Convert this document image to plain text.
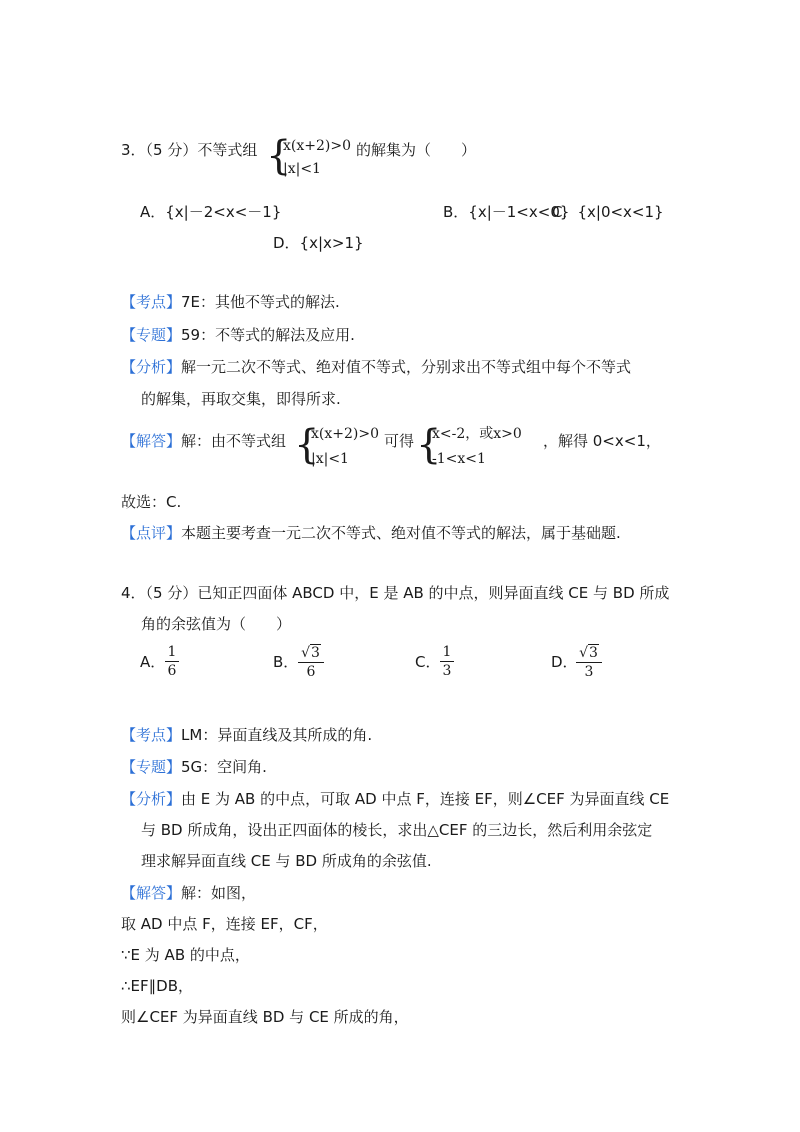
3．（5 分）不等式组 {
x(x+2)>0
|x|<1
的解集为（　　）
A．{x|－2<x<－1}	B．{x|－1<x<0}
C．{x|0<x<1}
D．{x|x>1}
【考点】7E：其他不等式的解法.
【专题】59：不等式的解法及应用.
【分析】解一元二次不等式、绝对值不等式，分别求出不等式组中每个不等式
的解集，再取交集，即得所求.
【解答】解：由不等式组 {
x(x+2)>0
|x|<1
可得 {
x<-2，或x>0
-1<x<1
，解得 0<x<1，
故选：C.
【点评】本题主要考查一元二次不等式、绝对值不等式的解法，属于基础题.
4．（5 分）已知正四面体 ABCD 中，E 是 AB 的中点，则异面直线 CE 与 BD 所成
角的余弦值为（　　）
A．
1
6	B． √3
6
C．
1
3	D． √3
3
【考点】LM：异面直线及其所成的角.
【专题】5G：空间角.
【分析】由 E 为 AB 的中点，可取 AD 中点 F，连接 EF，则∠CEF 为异面直线 CE
与 BD 所成角，设出正四面体的棱长，求出△CEF 的三边长，然后利用余弦定
理求解异面直线 CE 与 BD 所成角的余弦值.
【解答】解：如图，
取 AD 中点 F，连接 EF，CF，
∵E 为 AB 的中点，
∴EF∥DB，
则∠CEF 为异面直线 BD 与 CE 所成的角，
